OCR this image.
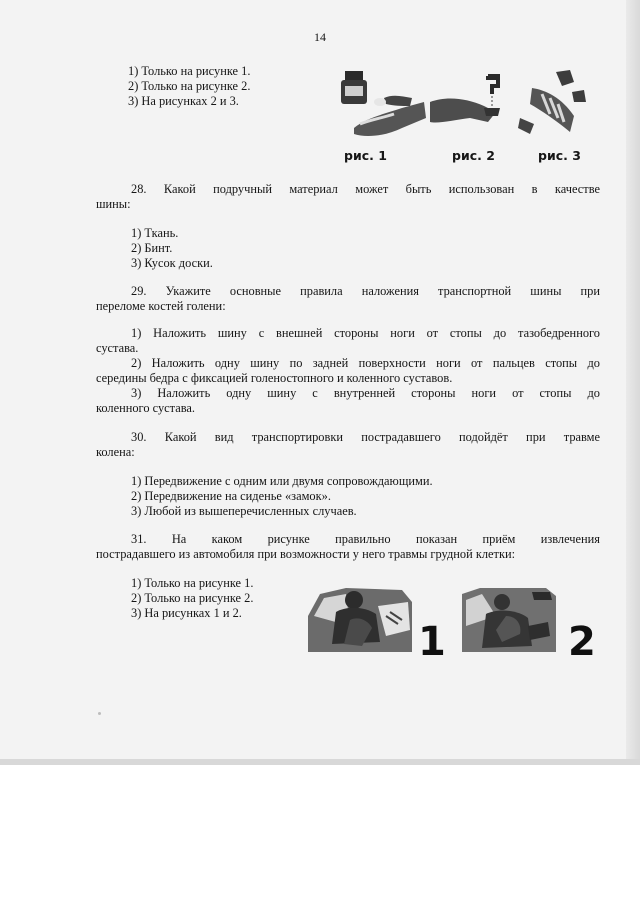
14
1) Только на рисунке 1.
2) Только на рисунке 2.
3) На рисунках 2 и 3.
рис. 1	рис. 2	рис. 3
28. Какой подручный материал может быть использован в качестве
шины:
1) Ткань.
2) Бинт.
3) Кусок доски.
29. Укажите основные правила наложения транспортной шины при
переломе костей голени:
1) Наложить шину с внешней стороны ноги от стопы до тазобедренного
сустава.
2) Наложить одну шину по задней поверхности ноги от пальцев стопы до
середины бедра с фиксацией голеностопного и коленного суставов.
3) Наложить одну шину с внутренней стороны ноги от стопы до
коленного сустава.
30. Какой вид транспортировки пострадавшего подойдёт при травме
колена:
1) Передвижение с одним или двумя сопровождающими.
2) Передвижение на сиденье «замок».
3) Любой из вышеперечисленных случаев.
31. На каком рисунке правильно показан приём извлечения
пострадавшего из автомобиля при возможности у него травмы грудной клетки:
1) Только на рисунке 1.
2) Только на рисунке 2.
3) На рисунках 1 и 2.
1	2
